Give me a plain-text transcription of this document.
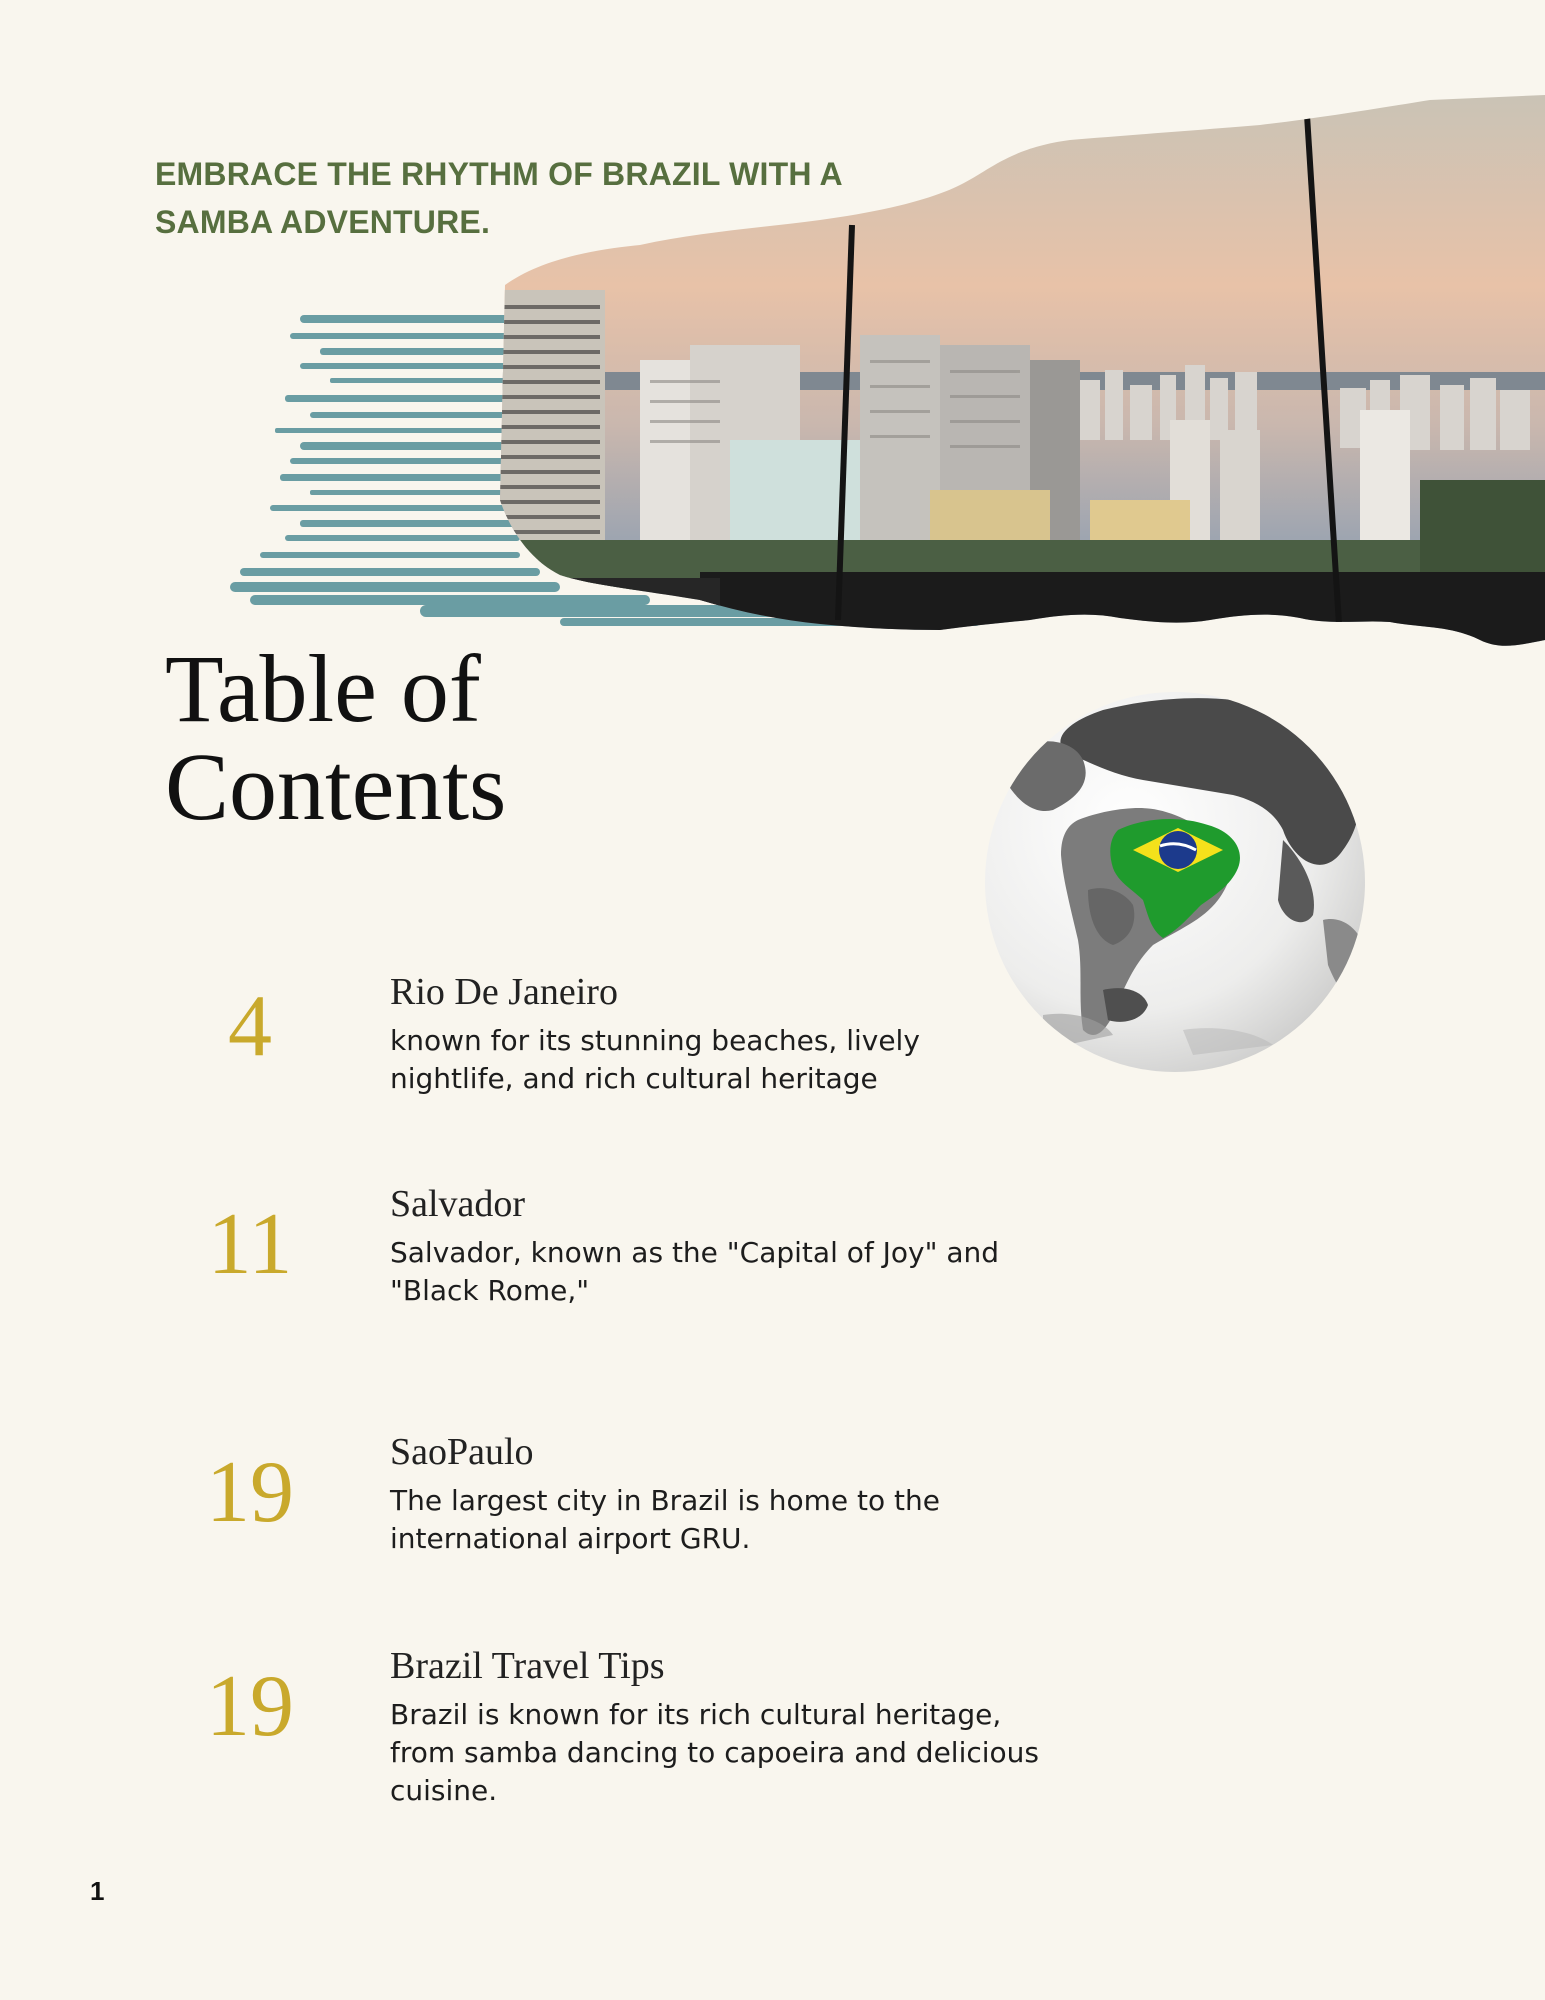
EMBRACE THE RHYTHM OF BRAZIL WITH A SAMBA ADVENTURE.
Table of Contents
4	Rio De Janeiro
known for its stunning beaches, lively nightlife, and rich cultural heritage
11	Salvador
Salvador, known as the "Capital of Joy" and "Black Rome,"
19	SaoPaulo
The largest city in Brazil is home to the international airport GRU.
19	Brazil Travel Tips
Brazil is known for its rich cultural heritage, from samba dancing to capoeira and delicious cuisine.
1
